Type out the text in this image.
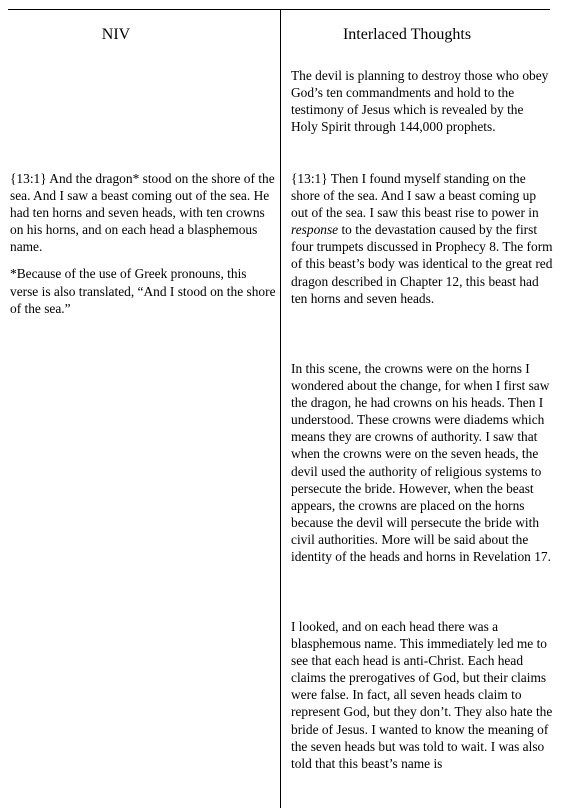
NIV	Interlaced Thoughts

{13:1} And the dragon* stood on the shore of the sea. And I saw a beast coming out of the sea. He had ten horns and seven heads, with ten crowns on his horns, and on each head a blasphemous name.

*Because of the use of Greek pronouns, this verse is also translated, “And I stood on the shore of the sea.”

The devil is planning to destroy those who obey God’s ten commandments and hold to the testimony of Jesus which is revealed by the Holy Spirit through 144,000 prophets.
{13:1} Then I found myself standing on the shore of the sea. And I saw a beast coming up out of the sea. I saw this beast rise to power in response to the devastation caused by the first four trumpets discussed in Prophecy 8. The form of this beast’s body was identical to the great red dragon described in Chapter 12, this beast had ten horns and seven heads.
In this scene, the crowns were on the horns I wondered about the change, for when I first saw the dragon, he had crowns on his heads. Then I understood. These crowns were diadems which means they are crowns of authority. I saw that when the crowns were on the seven heads, the devil used the authority of religious systems to persecute the bride. However, when the beast appears, the crowns are placed on the horns because the devil will persecute the bride with civil authorities. More will be said about the identity of the heads and horns in Revelation 17.
I looked, and on each head there was a blasphemous name. This immediately led me to see that each head is anti-Christ. Each head claims the prerogatives of God, but their claims were false. In fact, all seven heads claim to represent God, but they don’t. They also hate the bride of Jesus. I wanted to know the meaning of the seven heads but was told to wait. I was also told that this beast’s name is
